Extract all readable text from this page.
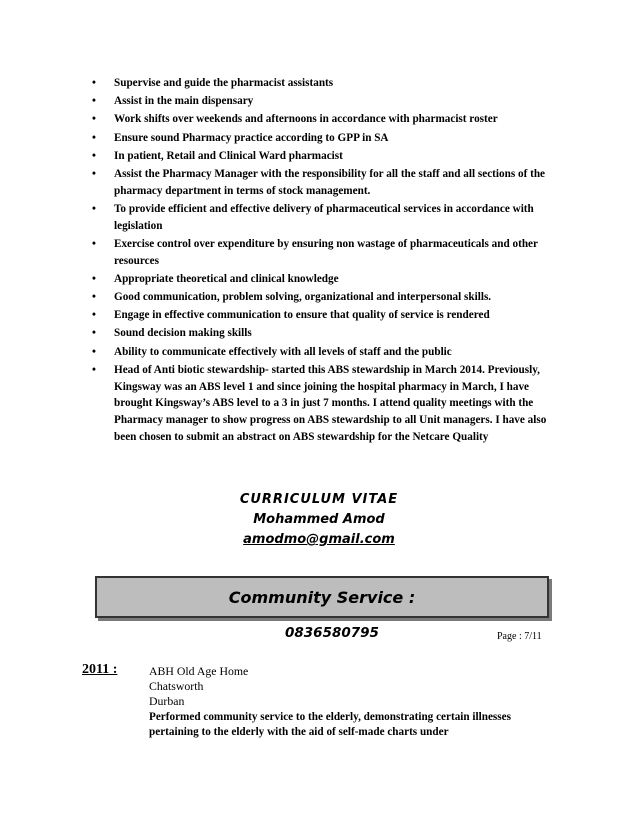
• Supervise and guide the pharmacist assistants
• Assist in the main dispensary
• Work shifts over weekends and afternoons in accordance with pharmacist roster
• Ensure sound Pharmacy practice according to GPP in SA
• In patient, Retail and Clinical Ward pharmacist
• Assist the Pharmacy Manager with the responsibility for all the staff and all sections of the pharmacy department in terms of stock management.
• To provide efficient and effective delivery of pharmaceutical services in accordance with legislation
• Exercise control over expenditure by ensuring non wastage of pharmaceuticals and other resources
• Appropriate theoretical and clinical knowledge
• Good communication, problem solving, organizational and interpersonal skills.
• Engage in effective communication to ensure that quality of service is rendered
• Sound decision making skills
• Ability to communicate effectively with all levels of staff and the public
• Head of Anti biotic stewardship- started this ABS stewardship in March 2014. Previously, Kingsway was an ABS level 1 and since joining the hospital pharmacy in March, I have brought Kingsway’s ABS level to a 3 in just 7 months. I attend quality meetings with the Pharmacy manager to show progress on ABS stewardship to all Unit managers. I have also been chosen to submit an abstract on ABS stewardship for the Netcare Quality
CURRICULUM VITAE
Mohammed Amod
amodmo@gmail.com
Community Service :
0836580795	Page : 7/11
2011 :	ABH Old Age Home
Chatsworth
Durban
Performed community service to the elderly, demonstrating certain illnesses pertaining to the elderly with the aid of self-made charts under
